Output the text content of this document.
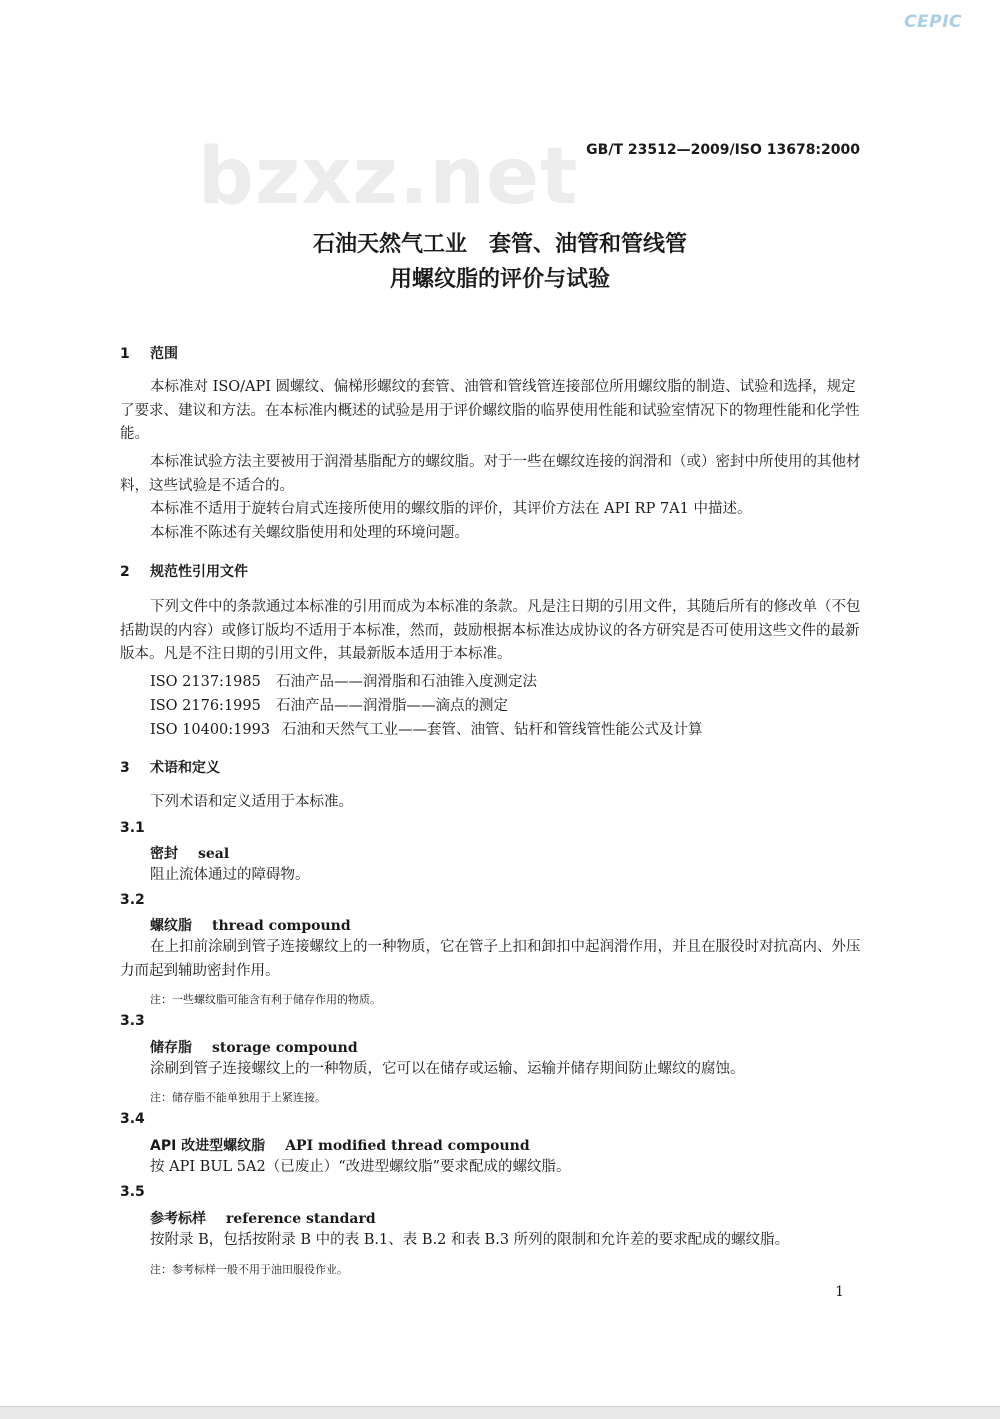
CEPIC
bzxz.net GB/T 23512—2009/ISO 13678:2000
石油天然气工业　套管、油管和管线管
用螺纹脂的评价与试验
1 范围
本标准对 ISO/API 圆螺纹、偏梯形螺纹的套管、油管和管线管连接部位所用螺纹脂的制造、试验和选择，规定了要求、建议和方法。在本标准内概述的试验是用于评价螺纹脂的临界使用性能和试验室情况下的物理性能和化学性能。
本标准试验方法主要被用于润滑基脂配方的螺纹脂。对于一些在螺纹连接的润滑和（或）密封中所使用的其他材料，这些试验是不适合的。
本标准不适用于旋转台肩式连接所使用的螺纹脂的评价，其评价方法在 API RP 7A1 中描述。
本标准不陈述有关螺纹脂使用和处理的环境问题。
2 规范性引用文件
下列文件中的条款通过本标准的引用而成为本标准的条款。凡是注日期的引用文件，其随后所有的修改单（不包括勘误的内容）或修订版均不适用于本标准，然而，鼓励根据本标准达成协议的各方研究是否可使用这些文件的最新版本。凡是不注日期的引用文件，其最新版本适用于本标准。
ISO 2137:1985 石油产品——润滑脂和石油锥入度测定法
ISO 2176:1995 石油产品——润滑脂——滴点的测定
ISO 10400:1993 石油和天然气工业——套管、油管、钻杆和管线管性能公式及计算
3 术语和定义
下列术语和定义适用于本标准。
3.1
密封 seal
阻止流体通过的障碍物。
3.2
螺纹脂 thread compound
在上扣前涂刷到管子连接螺纹上的一种物质，它在管子上扣和卸扣中起润滑作用，并且在服役时对抗高内、外压力而起到辅助密封作用。
注：一些螺纹脂可能含有利于储存作用的物质。
3.3
储存脂 storage compound
涂刷到管子连接螺纹上的一种物质，它可以在储存或运输、运输并储存期间防止螺纹的腐蚀。
注：储存脂不能单独用于上紧连接。
3.4
API 改进型螺纹脂 API modified thread compound
按 API BUL 5A2（已废止）“改进型螺纹脂”要求配成的螺纹脂。
3.5
参考标样 reference standard
按附录 B，包括按附录 B 中的表 B.1、表 B.2 和表 B.3 所列的限制和允许差的要求配成的螺纹脂。
注：参考标样一般不用于油田服役作业。
1
